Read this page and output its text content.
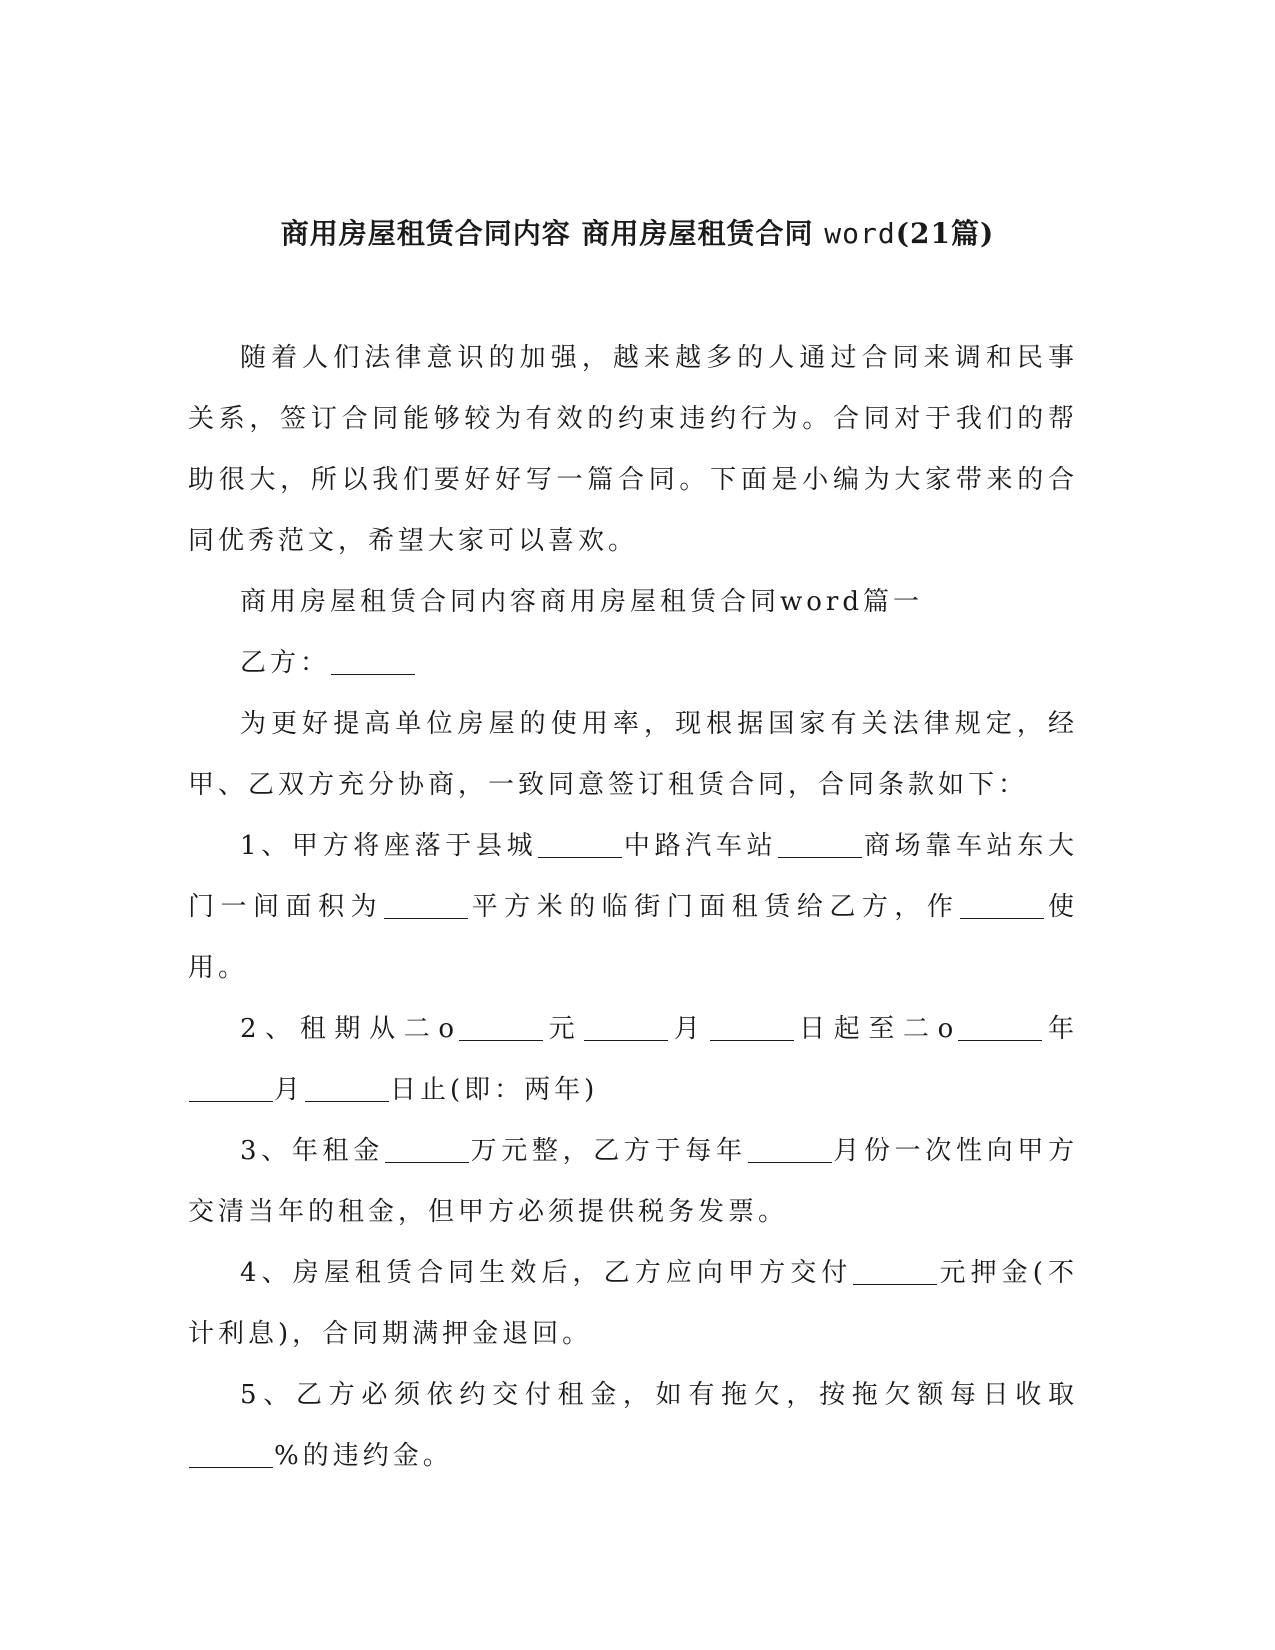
商用房屋租赁合同内容 商用房屋租赁合同 word(21篇)

随着人们法律意识的加强，越来越多的人通过合同来调和民事关系，签订合同能够较为有效的约束违约行为。合同对于我们的帮助很大，所以我们要好好写一篇合同。下面是小编为大家带来的合同优秀范文，希望大家可以喜欢。

商用房屋租赁合同内容商用房屋租赁合同word篇一

乙方：

为更好提高单位房屋的使用率，现根据国家有关法律规定，经甲、乙双方充分协商，一致同意签订租赁合同，合同条款如下：

1、甲方将座落于县城	中路汽车站	商场靠车站东大门一间面积为	平方米的临街门面租赁给乙方，作	使用。

2、租期从二o	元	月	日起至二o	年 月	日止(即：两年)

3、年租金	万元整，乙方于每年	月份一次性向甲方交清当年的租金，但甲方必须提供税务发票。

4、房屋租赁合同生效后，乙方应向甲方交付	元押金(不计利息)，合同期满押金退回。

5、乙方必须依约交付租金，如有拖欠，按拖欠额每日收取 %的违约金。
